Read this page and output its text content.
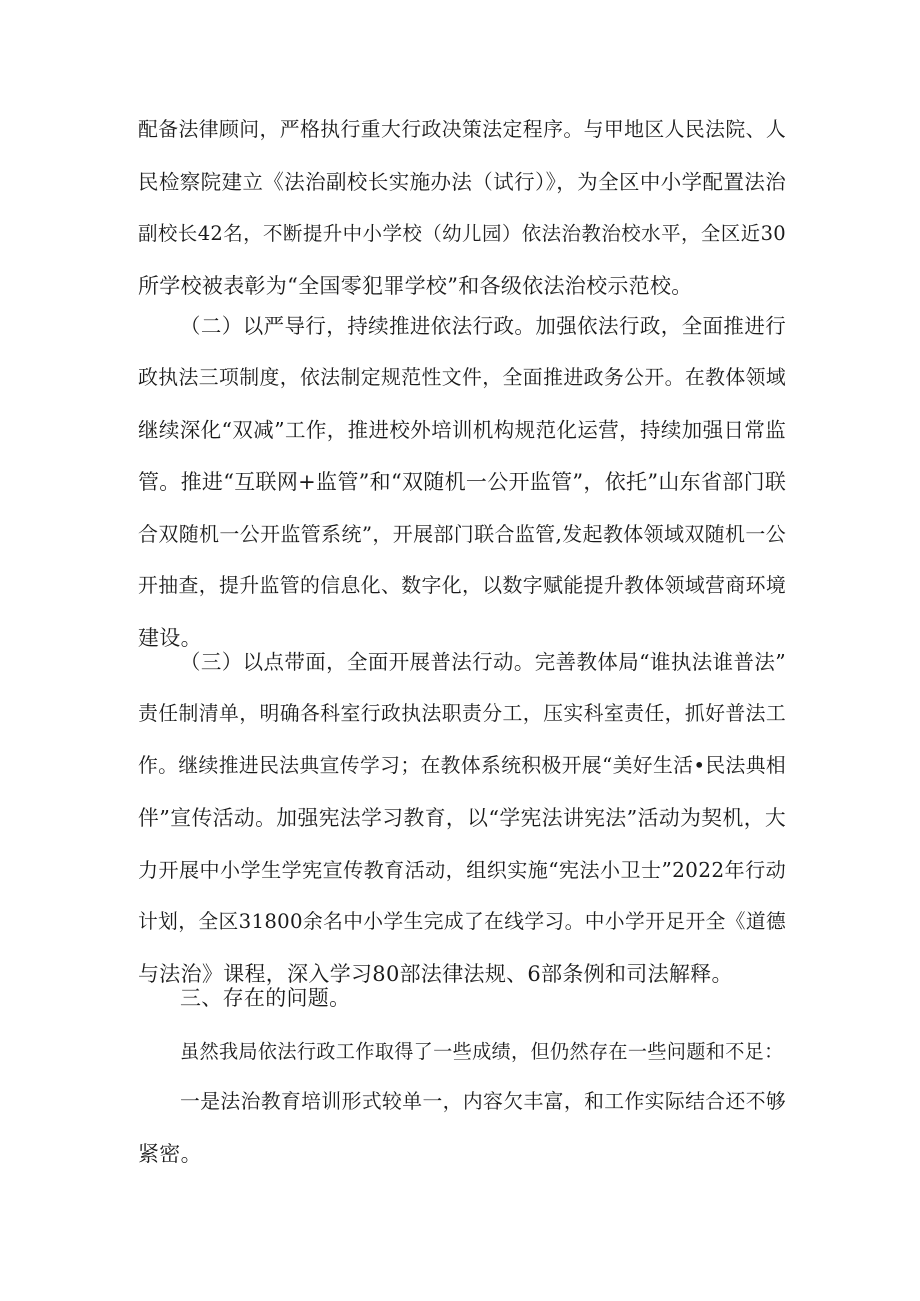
配备法律顾问，严格执行重大行政决策法定程序。与甲地区人民法院、人
民检察院建立《法治副校长实施办法（试行）》，为全区中小学配置法治
副校长42名，不断提升中小学校（幼儿园）依法治教治校水平，全区近30
所学校被表彰为“全国零犯罪学校”和各级依法治校示范校。
（二）以严导行，持续推进依法行政。加强依法行政，全面推进行
政执法三项制度，依法制定规范性文件，全面推进政务公开。在教体领域
继续深化“双减”工作，推进校外培训机构规范化运营，持续加强日常监
管。推进“互联网+监管”和“双随机一公开监管”，依托”山东省部门联
合双随机一公开监管系统”，开展部门联合监管,发起教体领域双随机一公
开抽查，提升监管的信息化、数字化，以数字赋能提升教体领域营商环境
建设。
（三）以点带面，全面开展普法行动。完善教体局“谁执法谁普法”
责任制清单，明确各科室行政执法职责分工，压实科室责任，抓好普法工
作。继续推进民法典宣传学习；在教体系统积极开展“美好生活•民法典相
伴”宣传活动。加强宪法学习教育，以“学宪法讲宪法”活动为契机，大
力开展中小学生学宪宣传教育活动，组织实施“宪法小卫士”2022年行动
计划，全区31800余名中小学生完成了在线学习。中小学开足开全《道德
与法治》课程，深入学习80部法律法规、6部条例和司法解释。
三、存在的问题。
虽然我局依法行政工作取得了一些成绩，但仍然存在一些问题和不足：
一是法治教育培训形式较单一，内容欠丰富，和工作实际结合还不够
紧密。
